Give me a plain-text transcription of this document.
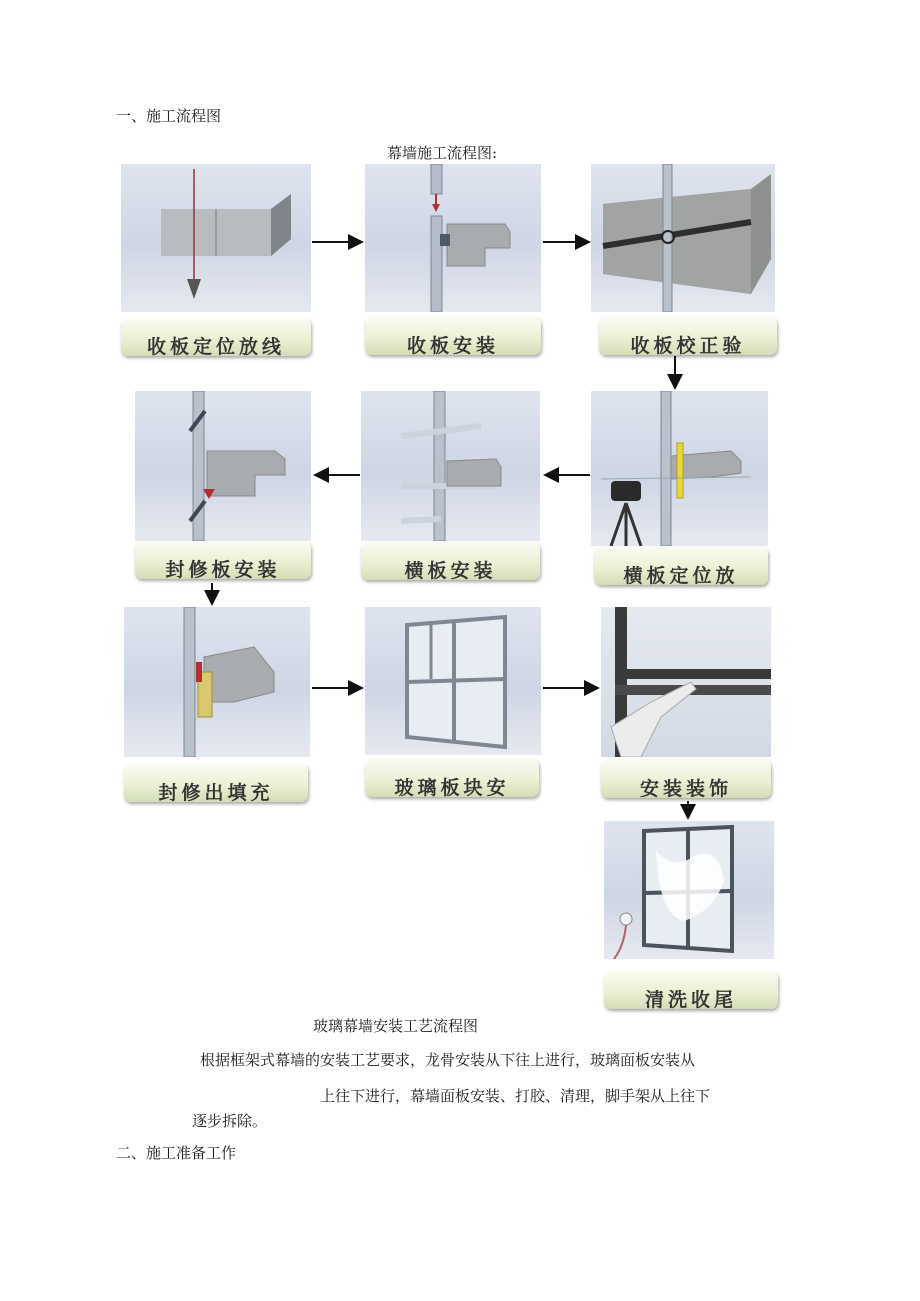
一、施工流程图
幕墙施工流程图:
收板定位放线	收板安装	收板校正验
横板定位放
横板安装
封修板安装
封修出填充	玻璃板块安	安装装饰
清洗收尾
玻璃幕墙安装工艺流程图
根据框架式幕墙的安装工艺要求，龙骨安装从下往上进行，玻璃面板安装从
上往下进行，幕墙面板安装、打胶、清理，脚手架从上往下
逐步拆除。
二、施工准备工作
